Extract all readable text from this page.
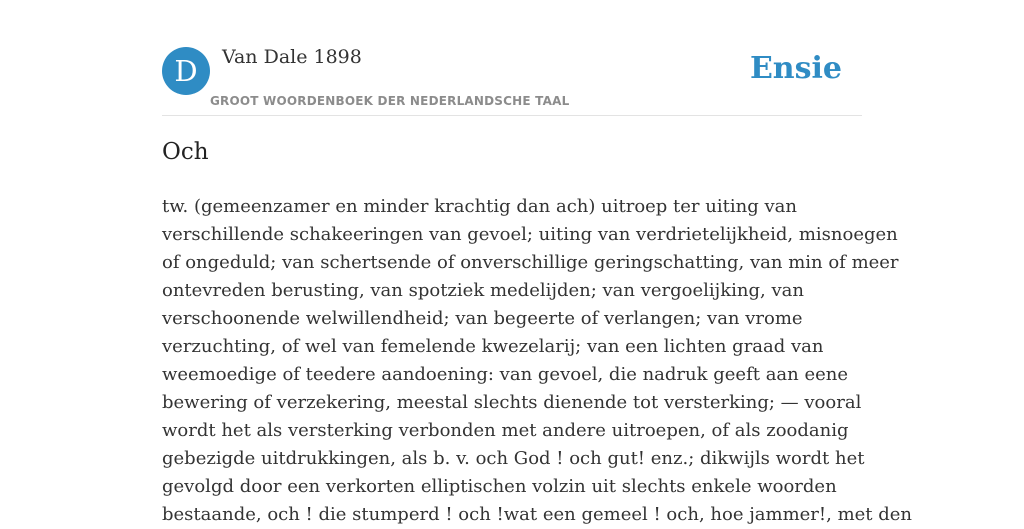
D	Van Dale 1898
GROOT WOORDENBOEK DER NEDERLANDSCHE TAAL
Ensie
Och
tw. (gemeenzamer en minder krachtig dan ach) uitroep ter uiting van
verschillende schakeeringen van gevoel; uiting van verdrietelijkheid, misnoegen
of ongeduld; van schertsende of onverschillige geringschatting, van min of meer
ontevreden berusting, van spotziek medelijden; van vergoelijking, van
verschoonende welwillendheid; van begeerte of verlangen; van vrome
verzuchting, of wel van femelende kwezelarij; van een lichten graad van
weemoedige of teedere aandoening: van gevoel, die nadruk geeft aan eene
bewering of verzekering, meestal slechts dienende tot versterking; — vooral
wordt het als versterking verbonden met andere uitroepen, of als zoodanig
gebezigde uitdrukkingen, als b. v. och God ! och gut! enz.; dikwijls wordt het
gevolgd door een verkorten elliptischen volzin uit slechts enkele woorden
bestaande, och ! die stumperd ! och !wat een gemeel ! och, hoe jammer!, met den
